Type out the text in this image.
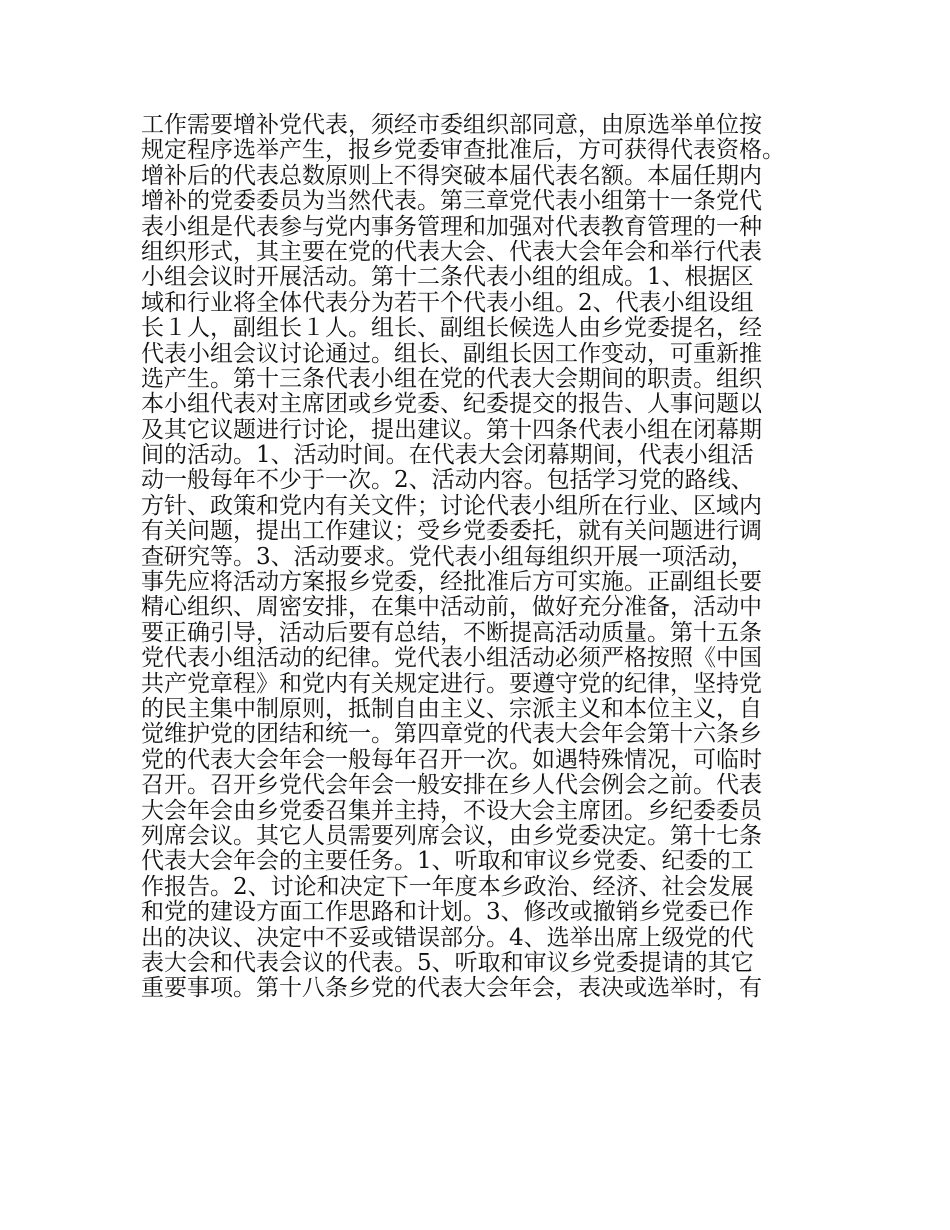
工作需要增补党代表，须经市委组织部同意，由原选举单位按
规定程序选举产生，报乡党委审查批准后，方可获得代表资格。
增补后的代表总数原则上不得突破本届代表名额。本届任期内
增补的党委委员为当然代表。第三章党代表小组第十一条党代
表小组是代表参与党内事务管理和加强对代表教育管理的一种
组织形式，其主要在党的代表大会、代表大会年会和举行代表
小组会议时开展活动。第十二条代表小组的组成。1、根据区
域和行业将全体代表分为若干个代表小组。2、代表小组设组
长１人，副组长１人。组长、副组长候选人由乡党委提名，经
代表小组会议讨论通过。组长、副组长因工作变动，可重新推
选产生。第十三条代表小组在党的代表大会期间的职责。组织
本小组代表对主席团或乡党委、纪委提交的报告、人事问题以
及其它议题进行讨论，提出建议。第十四条代表小组在闭幕期
间的活动。1、活动时间。在代表大会闭幕期间，代表小组活
动一般每年不少于一次。2、活动内容。包括学习党的路线、
方针、政策和党内有关文件；讨论代表小组所在行业、区域内
有关问题，提出工作建议；受乡党委委托，就有关问题进行调
查研究等。3、活动要求。党代表小组每组织开展一项活动，
事先应将活动方案报乡党委，经批准后方可实施。正副组长要
精心组织、周密安排，在集中活动前，做好充分准备，活动中
要正确引导，活动后要有总结，不断提高活动质量。第十五条
党代表小组活动的纪律。党代表小组活动必须严格按照《中国
共产党章程》和党内有关规定进行。要遵守党的纪律，坚持党
的民主集中制原则，抵制自由主义、宗派主义和本位主义，自
觉维护党的团结和统一。第四章党的代表大会年会第十六条乡
党的代表大会年会一般每年召开一次。如遇特殊情况，可临时
召开。召开乡党代会年会一般安排在乡人代会例会之前。代表
大会年会由乡党委召集并主持，不设大会主席团。乡纪委委员
列席会议。其它人员需要列席会议，由乡党委决定。第十七条
代表大会年会的主要任务。1、听取和审议乡党委、纪委的工
作报告。2、讨论和决定下一年度本乡政治、经济、社会发展
和党的建设方面工作思路和计划。3、修改或撤销乡党委已作
出的决议、决定中不妥或错误部分。4、选举出席上级党的代
表大会和代表会议的代表。5、听取和审议乡党委提请的其它
重要事项。第十八条乡党的代表大会年会，表决或选举时，有
